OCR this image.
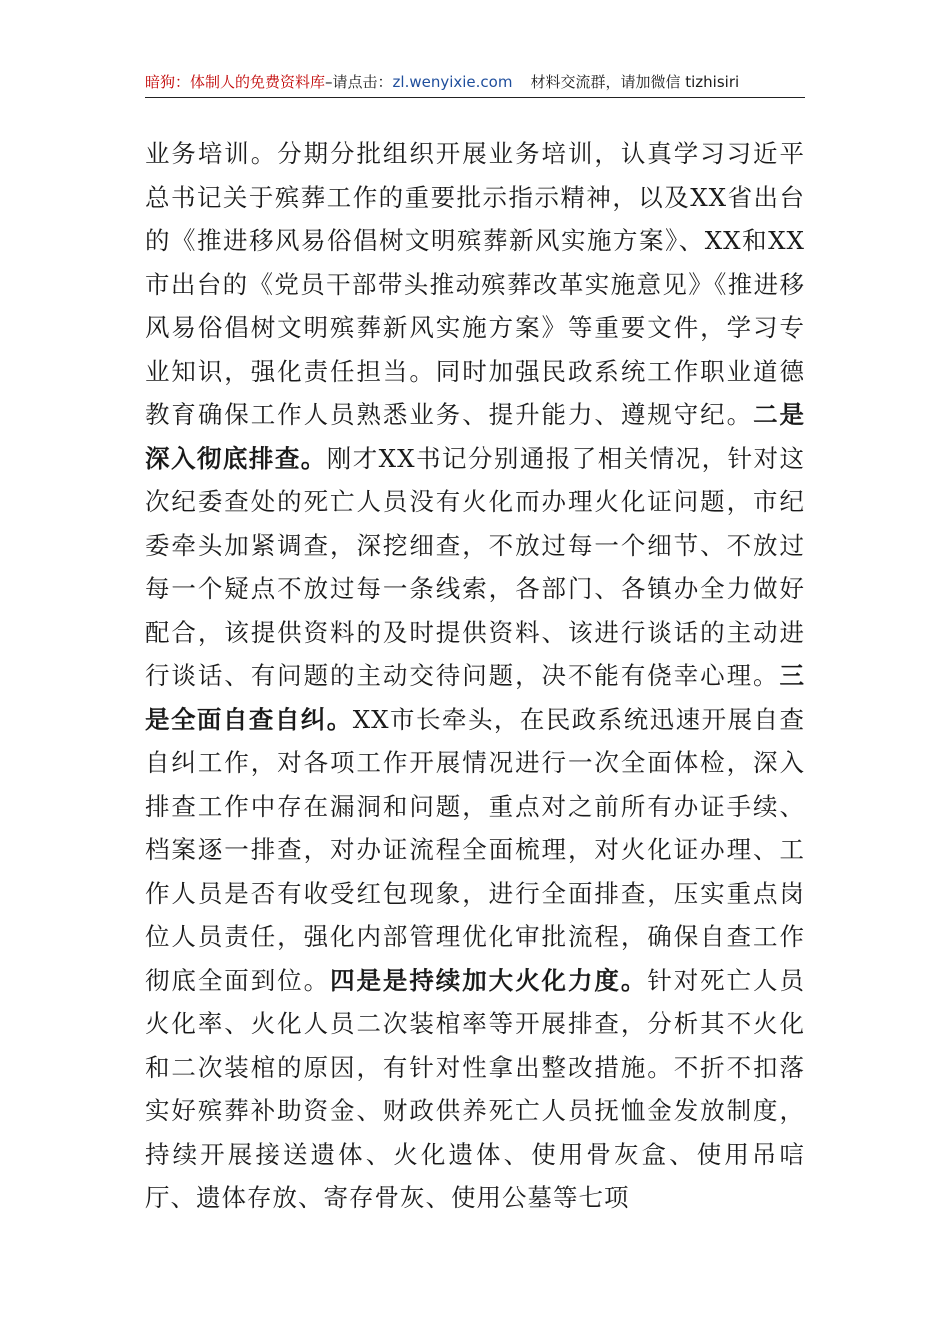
暗狗：体制人的免费资料库–请点击：zl.wenyixie.com 材料交流群，请加微信 tizhisiri
业务培训。分期分批组织开展业务培训，认真学习习近平总书记关于殡葬工作的重要批示指示精神，以及XX省出台的《推进移风易俗倡树文明殡葬新风实施方案》、XX和XX市出台的《党员干部带头推动殡葬改革实施意见》《推进移风易俗倡树文明殡葬新风实施方案》等重要文件，学习专业知识，强化责任担当。同时加强民政系统工作职业道德教育确保工作人员熟悉业务、提升能力、遵规守纪。二是深入彻底排查。刚才XX书记分别通报了相关情况，针对这次纪委查处的死亡人员没有火化而办理火化证问题，市纪委牵头加紧调查，深挖细查，不放过每一个细节、不放过每一个疑点不放过每一条线索，各部门、各镇办全力做好配合，该提供资料的及时提供资料、该进行谈话的主动进行谈话、有问题的主动交待问题，决不能有侥幸心理。三是全面自查自纠。XX市长牵头，在民政系统迅速开展自查自纠工作，对各项工作开展情况进行一次全面体检，深入排查工作中存在漏洞和问题，重点对之前所有办证手续、档案逐一排查，对办证流程全面梳理，对火化证办理、工作人员是否有收受红包现象，进行全面排查，压实重点岗位人员责任，强化内部管理优化审批流程，确保自查工作彻底全面到位。四是是持续加大火化力度。针对死亡人员火化率、火化人员二次装棺率等开展排查，分析其不火化和二次装棺的原因，有针对性拿出整改措施。不折不扣落实好殡葬补助资金、财政供养死亡人员抚恤金发放制度，持续开展接送遗体、火化遗体、使用骨灰盒、使用吊唁厅、遗体存放、寄存骨灰、使用公墓等七项
